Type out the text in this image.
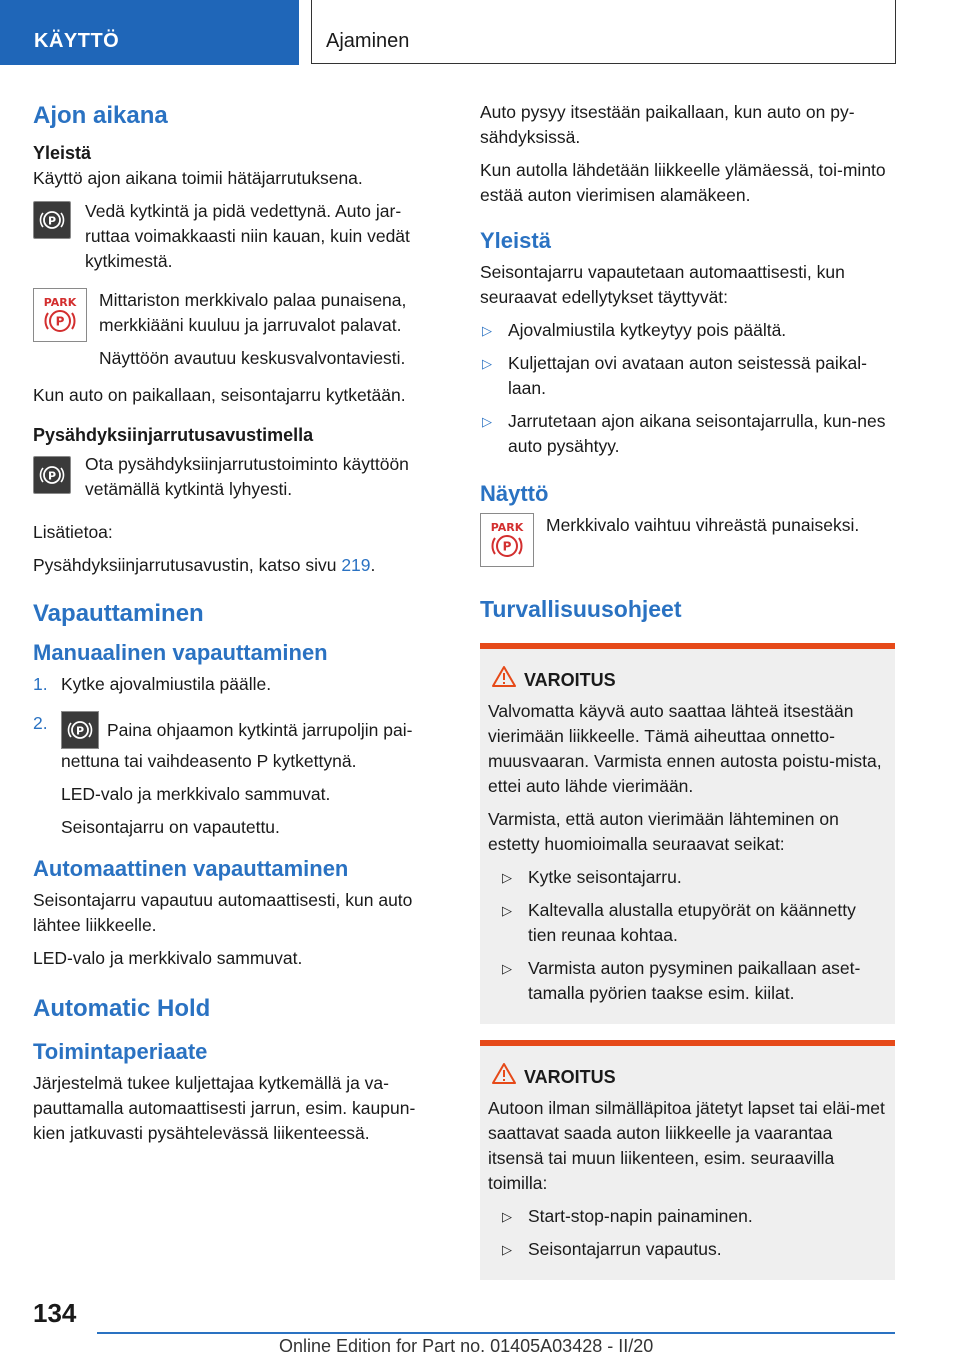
KÄYTTÖ	Ajaminen
Ajon aikana
Yleistä

Käyttö ajon aikana toimii hätäjarrutuksena.

P Vedä kytkintä ja pidä vedettynä. Auto jar-ruttaa voimakkaasti niin kauan, kuin vedät kytkimestä.

PARK
P

Mittariston merkkivalo palaa punaisena, merkkiääni kuuluu ja jarruvalot palavat.

Näyttöön avautuu keskusvalvontaviesti.

Kun auto on paikallaan, seisontajarru kytketään.

Pysähdyksiinjarrutusavustimella
P

Ota pysähdyksiinjarrutustoiminto käyttöön vetämällä kytkintä lyhyesti.

Lisätietoa:

Pysähdyksiinjarrutusavustin, katso sivu 219.

Vapauttaminen
Manuaalinen vapauttaminen
1. Kytke ajovalmiustila päälle.
2.	P Paina ohjaamon kytkintä jarrupoljin pai-nettuna tai vaihdeasento P kytkettynä.

LED-valo ja merkkivalo sammuvat.

Seisontajarru on vapautettu.

Automaattinen vapauttaminen

Seisontajarru vapautuu automaattisesti, kun auto lähtee liikkeelle.

LED-valo ja merkkivalo sammuvat.

Automatic Hold
Toimintaperiaate

Järjestelmä tukee kuljettajaa kytkemällä ja va-pauttamalla automaattisesti jarrun, esim. kaupun-kien jatkuvasti pysähtelevässä liikenteessä.

Auto pysyy itsestään paikallaan, kun auto on py-sähdyksissä.

Kun autolla lähdetään liikkeelle ylämäessä, toi-minto estää auton vierimisen alamäkeen.

Yleistä

Seisontajarru vapautetaan automaattisesti, kun seuraavat edellytykset täyttyvät:

▷ Ajovalmiustila kytkeytyy pois päältä.
▷ Kuljettajan ovi avataan auton seistessä paikal-laan.
▷ Jarrutetaan ajon aikana seisontajarrulla, kun-nes auto pysähtyy.
Näyttö
PARK
P

Merkkivalo vaihtuu vihreästä punaiseksi.

Turvallisuusohjeet
VAROITUS

Valvomatta käyvä auto saattaa lähteä itsestään vierimään liikkeelle. Tämä aiheuttaa onnetto-muusvaaran. Varmista ennen autosta poistu-mista, ettei auto lähde vierimään.

Varmista, että auton vierimään lähteminen on estetty huomioimalla seuraavat seikat:

▷ Kytke seisontajarru.
▷ Kaltevalla alustalla etupyörät on käännetty tien reunaa kohtaa.
▷ Varmista auton pysyminen paikallaan aset-tamalla pyörien taakse esim. kiilat.
VAROITUS

Autoon ilman silmälläpitoa jätetyt lapset tai eläi-met saattavat saada auton liikkeelle ja vaarantaa itsensä tai muun liikenteen, esim. seuraavilla toimilla:

▷ Start-stop-napin painaminen.
▷ Seisontajarrun vapautus.
134
Online Edition for Part no. 01405A03428 - II/20
